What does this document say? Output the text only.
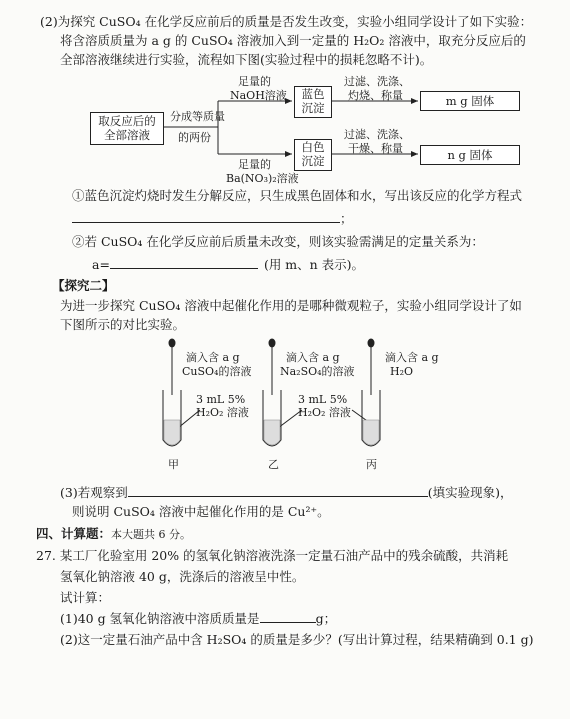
(2)为探究 CuSO₄ 在化学反应前后的质量是否发生改变，实验小组同学设计了如下实验：
将含溶质质量为 a g 的 CuSO₄ 溶液加入到一定量的 H₂O₂ 溶液中，取充分反应后的
全部溶液继续进行实验，流程如下图(实验过程中的损耗忽略不计)。
取反应后的
全部溶液
分成等质量
的两份
足量的
NaOH溶液	蓝色
沉淀
过滤、洗涤、
灼烧、称量	m g 固体
足量的
Ba(NO₃)₂溶液
白色
沉淀
过滤、洗涤、
干燥、称量	n g 固体
①蓝色沉淀灼烧时发生分解反应，只生成黑色固体和水，写出该反应的化学方程式
；
②若 CuSO₄ 在化学反应前后质量未改变，则该实验需满足的定量关系为：
a=	(用 m、n 表示)。
【探究二】
为进一步探究 CuSO₄ 溶液中起催化作用的是哪种微观粒子，实验小组同学设计了如
下图所示的对比实验。
滴入含 a g
CuSO₄的溶液
3 mL 5%
H₂O₂ 溶液
甲
滴入含 a g
Na₂SO₄的溶液
3 mL 5%
H₂O₂ 溶液
乙
滴入含 a g
H₂O
丙
(3)若观察到	(填实验现象)，
则说明 CuSO₄ 溶液中起催化作用的是 Cu²⁺。
四、计算题：本大题共 6 分。
27. 某工厂化验室用 20% 的氢氧化钠溶液洗涤一定量石油产品中的残余硫酸，共消耗
氢氧化钠溶液 40 g，洗涤后的溶液呈中性。
试计算：
(1)40 g 氢氧化钠溶液中溶质质量是	g；
(2)这一定量石油产品中含 H₂SO₄ 的质量是多少？(写出计算过程，结果精确到 0.1 g)
